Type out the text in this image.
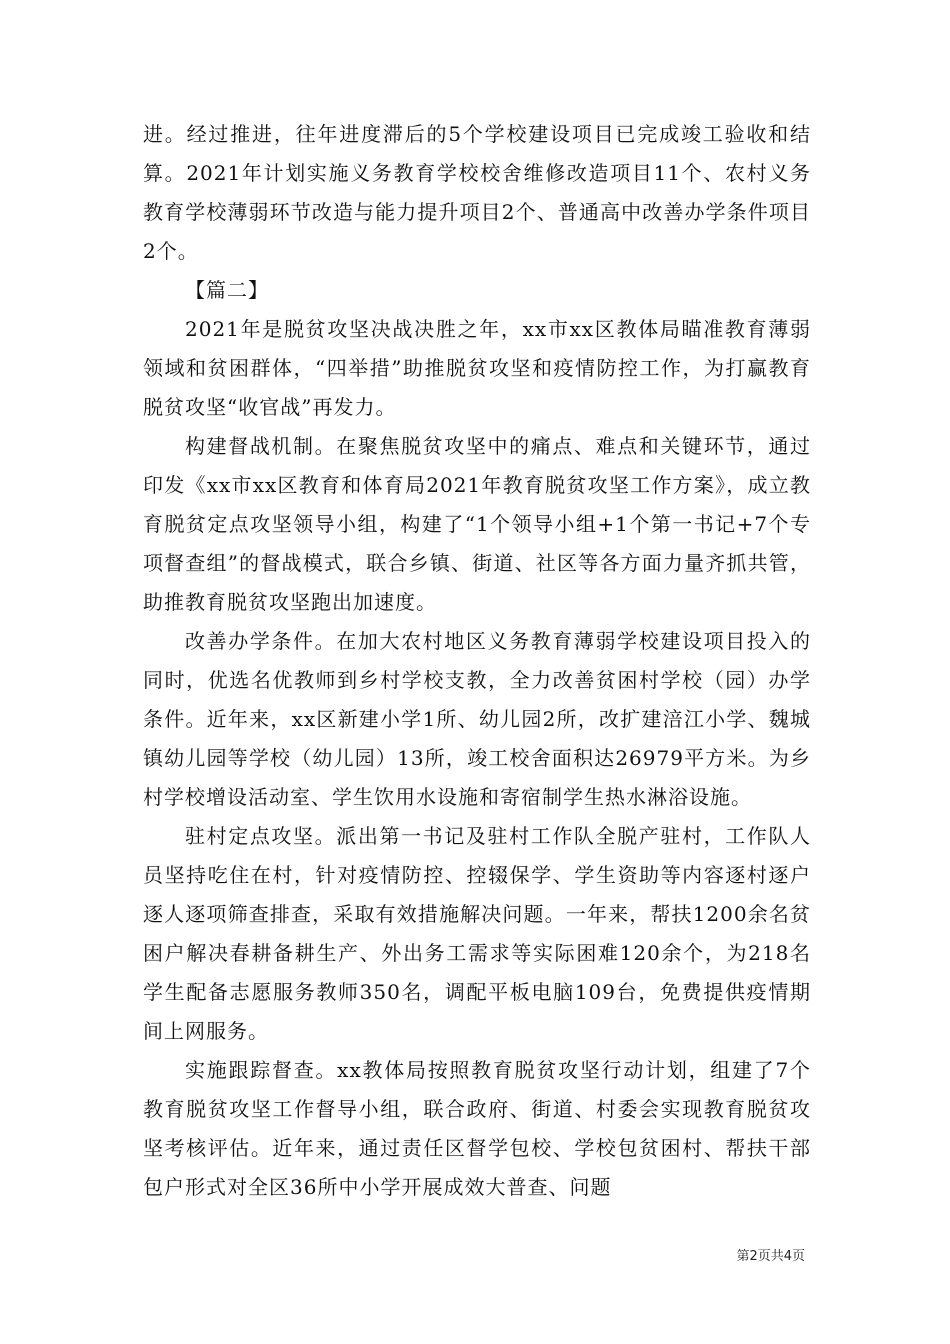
进。经过推进，往年进度滞后的5个学校建设项目已完成竣工验收和结算。2021年计划实施义务教育学校校舍维修改造项目11个、农村义务教育学校薄弱环节改造与能力提升项目2个、普通高中改善办学条件项目2个。

【篇二】

2021年是脱贫攻坚决战决胜之年，xx市xx区教体局瞄准教育薄弱领域和贫困群体，“四举措”助推脱贫攻坚和疫情防控工作，为打赢教育脱贫攻坚“收官战”再发力。

构建督战机制。在聚焦脱贫攻坚中的痛点、难点和关键环节，通过印发《xx市xx区教育和体育局2021年教育脱贫攻坚工作方案》，成立教育脱贫定点攻坚领导小组，构建了“1个领导小组+1个第一书记+7个专项督查组”的督战模式，联合乡镇、街道、社区等各方面力量齐抓共管，助推教育脱贫攻坚跑出加速度。

改善办学条件。在加大农村地区义务教育薄弱学校建设项目投入的同时，优选名优教师到乡村学校支教，全力改善贫困村学校（园）办学条件。近年来，xx区新建小学1所、幼儿园2所，改扩建涪江小学、魏城镇幼儿园等学校（幼儿园）13所，竣工校舍面积达26979平方米。为乡村学校增设活动室、学生饮用水设施和寄宿制学生热水淋浴设施。

驻村定点攻坚。派出第一书记及驻村工作队全脱产驻村，工作队人员坚持吃住在村，针对疫情防控、控辍保学、学生资助等内容逐村逐户逐人逐项筛查排查，采取有效措施解决问题。一年来，帮扶1200余名贫困户解决春耕备耕生产、外出务工需求等实际困难120余个，为218名学生配备志愿服务教师350名，调配平板电脑109台，免费提供疫情期间上网服务。

实施跟踪督查。xx教体局按照教育脱贫攻坚行动计划，组建了7个教育脱贫攻坚工作督导小组，联合政府、街道、村委会实现教育脱贫攻坚考核评估。近年来，通过责任区督学包校、学校包贫困村、帮扶干部包户形式对全区36所中小学开展成效大普查、问题

第2页共4页
